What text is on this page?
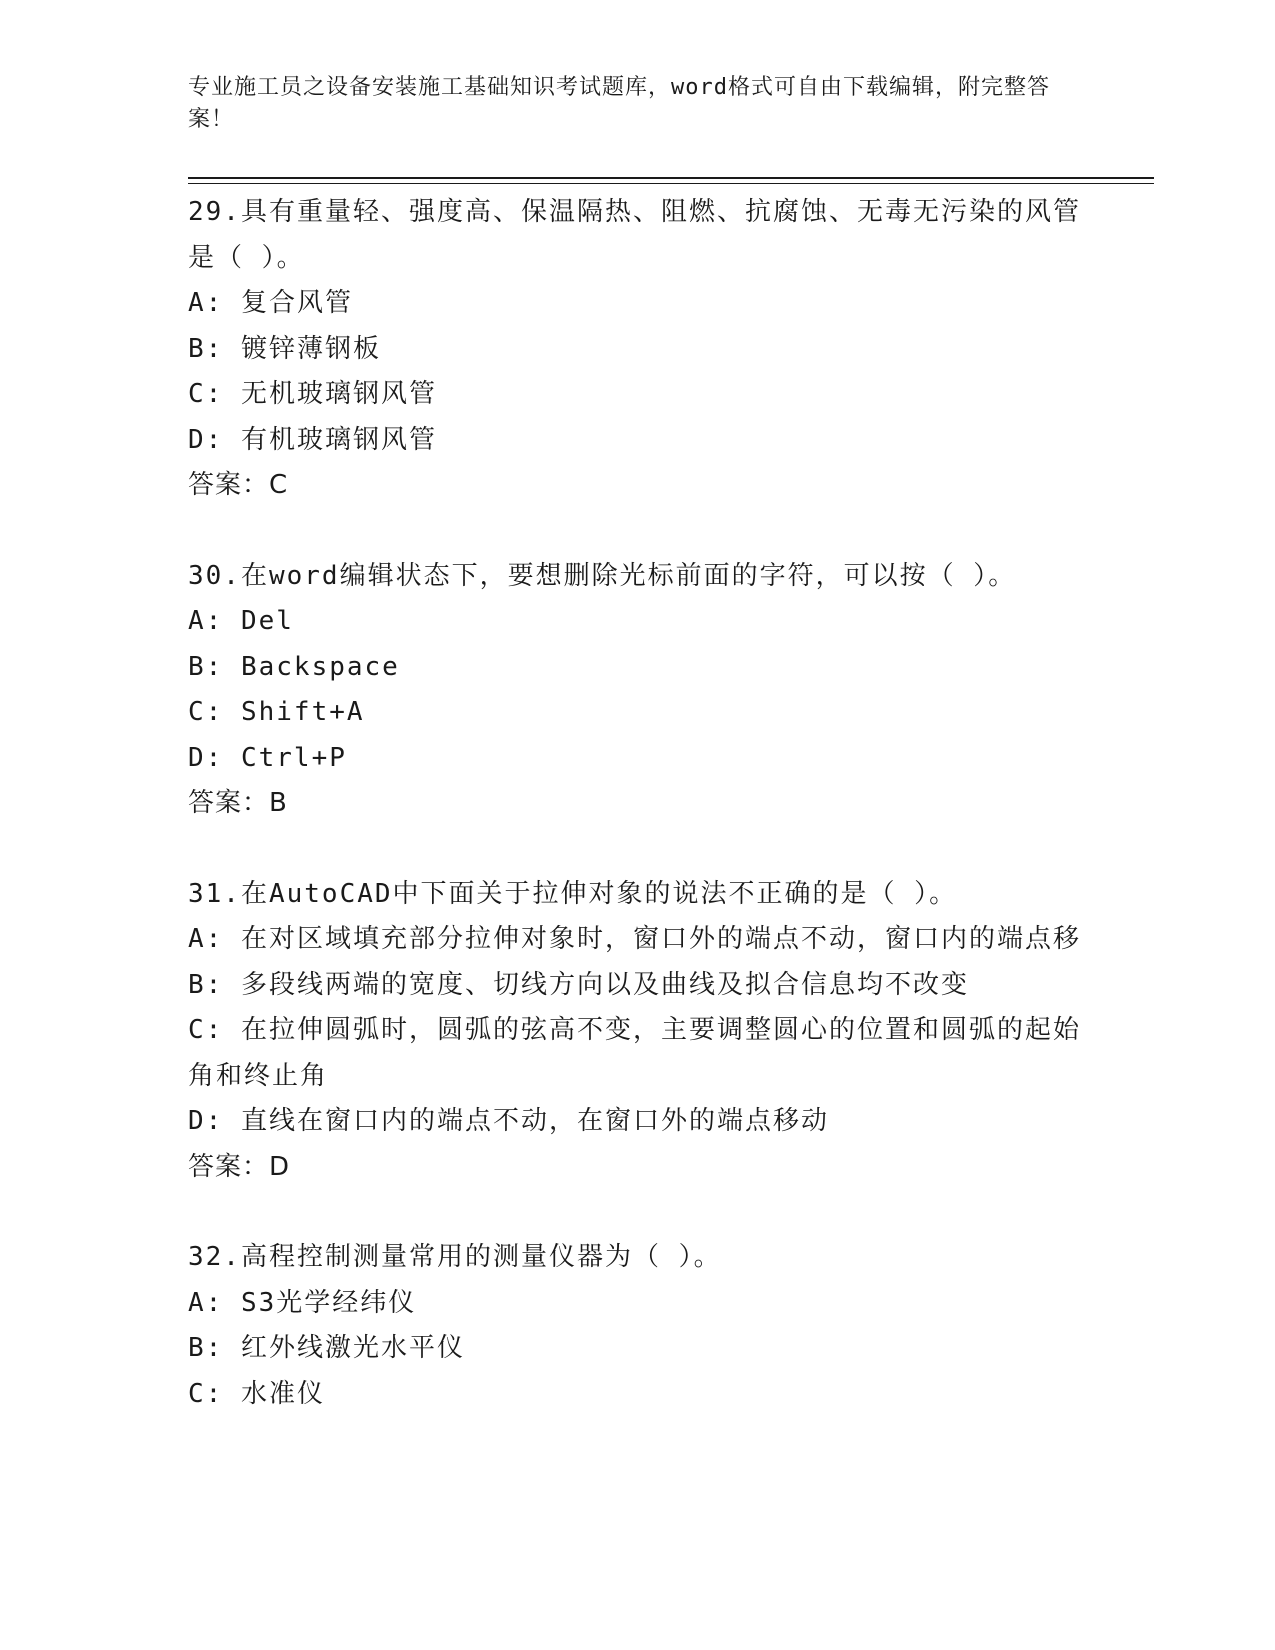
专业施工员之设备安装施工基础知识考试题库，word格式可自由下载编辑，附完整答案！
29.具有重量轻、强度高、保温隔热、阻燃、抗腐蚀、无毒无污染的风管是（ ）。
A: 复合风管
B: 镀锌薄钢板
C: 无机玻璃钢风管
D: 有机玻璃钢风管
答案：C
30.在word编辑状态下，要想删除光标前面的字符，可以按（ ）。
A: Del
B: Backspace
C: Shift+A
D: Ctrl+P
答案：B
31.在AutoCAD中下面关于拉伸对象的说法不正确的是（ ）。
A: 在对区域填充部分拉伸对象时，窗口外的端点不动，窗口内的端点移
B: 多段线两端的宽度、切线方向以及曲线及拟合信息均不改变
C: 在拉伸圆弧时，圆弧的弦高不变，主要调整圆心的位置和圆弧的起始角和终止角
D: 直线在窗口内的端点不动，在窗口外的端点移动
答案：D
32.高程控制测量常用的测量仪器为（ ）。
A: S3光学经纬仪
B: 红外线激光水平仪
C: 水准仪
